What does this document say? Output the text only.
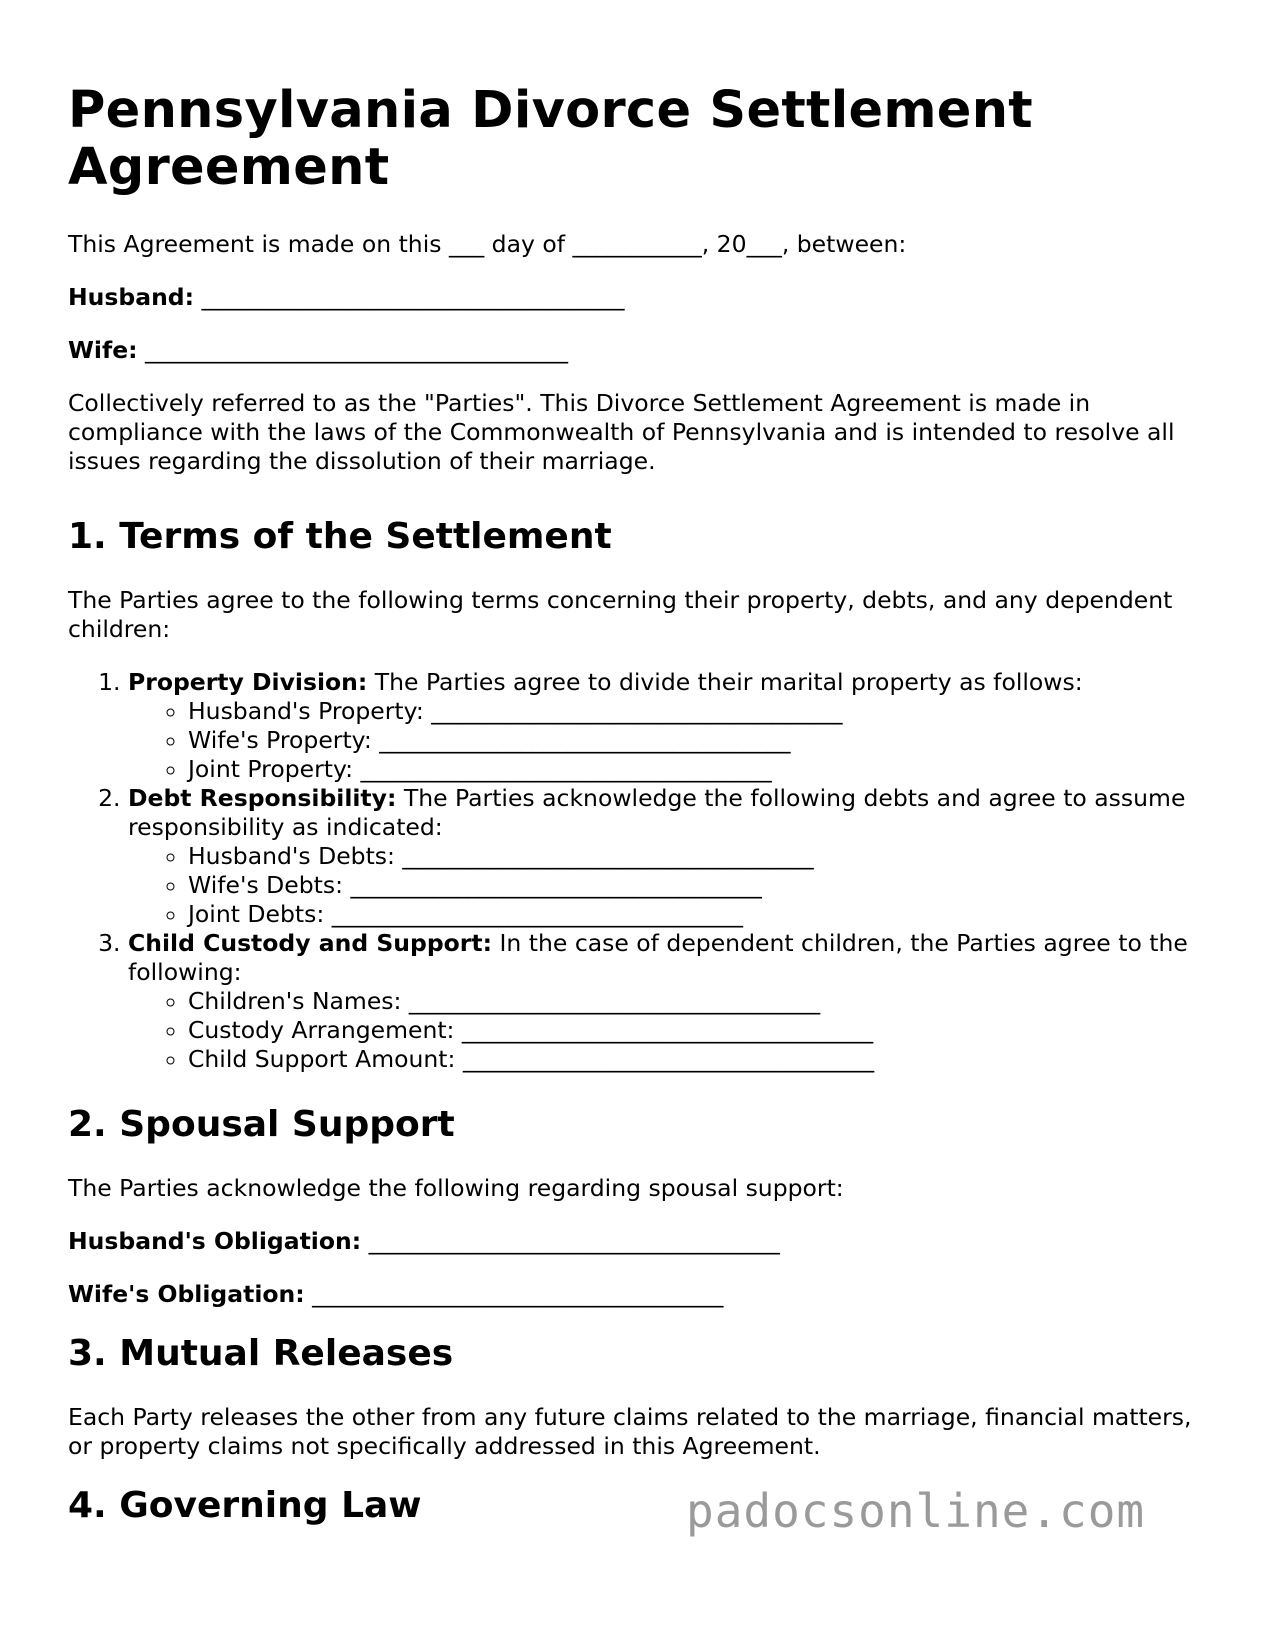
Pennsylvania Divorce Settlement Agreement

This Agreement is made on this ___ day of ___________, 20___, between:

Husband: ____________________________________
Wife: ____________________________________

Collectively referred to as the "Parties". This Divorce Settlement Agreement is made in compliance with the laws of the Commonwealth of Pennsylvania and is intended to resolve all issues regarding the dissolution of their marriage.

1. Terms of the Settlement

The Parties agree to the following terms concerning their property, debts, and any dependent children:

1. Property Division: The Parties agree to divide their marital property as follows:
◦ Husband's Property: ___________________________________
◦ Wife's Property: ___________________________________
◦ Joint Property: ___________________________________
2. Debt Responsibility: The Parties acknowledge the following debts and agree to assume responsibility as indicated:
◦ Husband's Debts: ___________________________________
◦ Wife's Debts: ___________________________________
◦ Joint Debts: ___________________________________
3. Child Custody and Support: In the case of dependent children, the Parties agree to the following:
◦ Children's Names: ___________________________________
◦ Custody Arrangement: ___________________________________
◦ Child Support Amount: ___________________________________
2. Spousal Support

The Parties acknowledge the following regarding spousal support:

Husband's Obligation: ___________________________________
Wife's Obligation: ___________________________________
3. Mutual Releases

Each Party releases the other from any future claims related to the marriage, financial matters, or property claims not specifically addressed in this Agreement.

4. Governing Law	padocsonline.com
